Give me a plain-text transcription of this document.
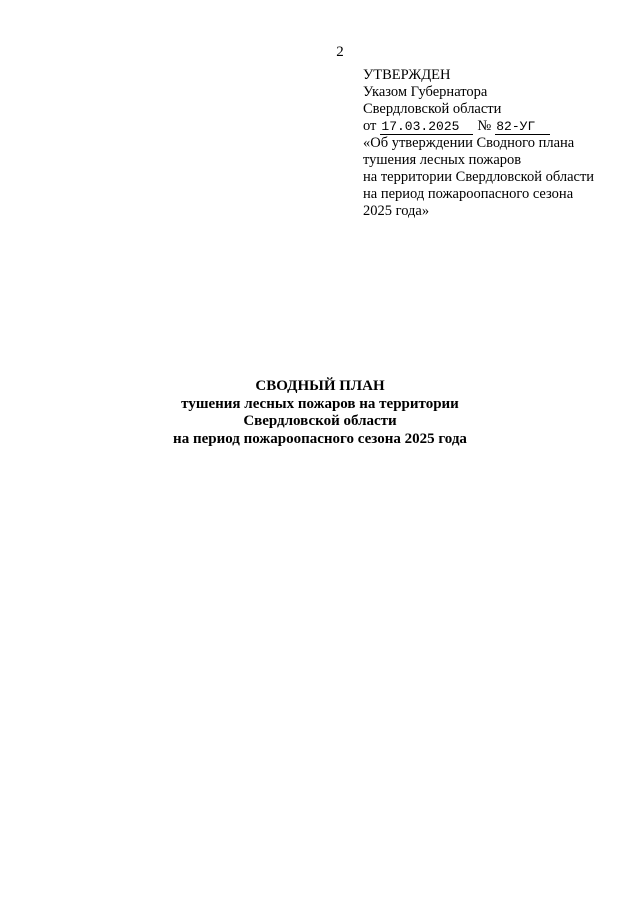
2
УТВЕРЖДЕН
Указом Губернатора
Свердловской области
от 17.03.2025 № 82-УГ
«Об утверждении Сводного плана
тушения лесных пожаров
на территории Свердловской области
на период пожароопасного сезона
2025 года»
СВОДНЫЙ ПЛАН
тушения лесных пожаров на территории
Свердловской области
на период пожароопасного сезона 2025 года
